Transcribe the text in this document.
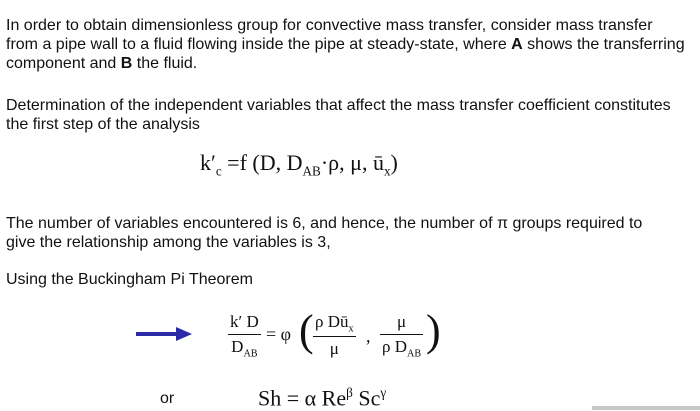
In order to obtain dimensionless group for convective mass transfer, consider mass transfer from a pipe wall to a fluid flowing inside the pipe at steady-state, where A shows the transferring component and B the fluid.

Determination of the independent variables that affect the mass transfer coefficient constitutes the first step of the analysis

$k'_c =f$ (D, $D_{AB}\cdot\rho$, μ, $ū_x$)

The number of variables encountered is 6, and hence, the number of π groups required to give the relationship among the variables is 3,

Using the Buckingham Pi Theorem

k′ D
$D_{AB}$
= φ ( ρ $Dū_x$
μ
,
μ
ρ $D_{AB}$ )
or	Sh = α $Re^\beta$ $Sc^\gamma$
